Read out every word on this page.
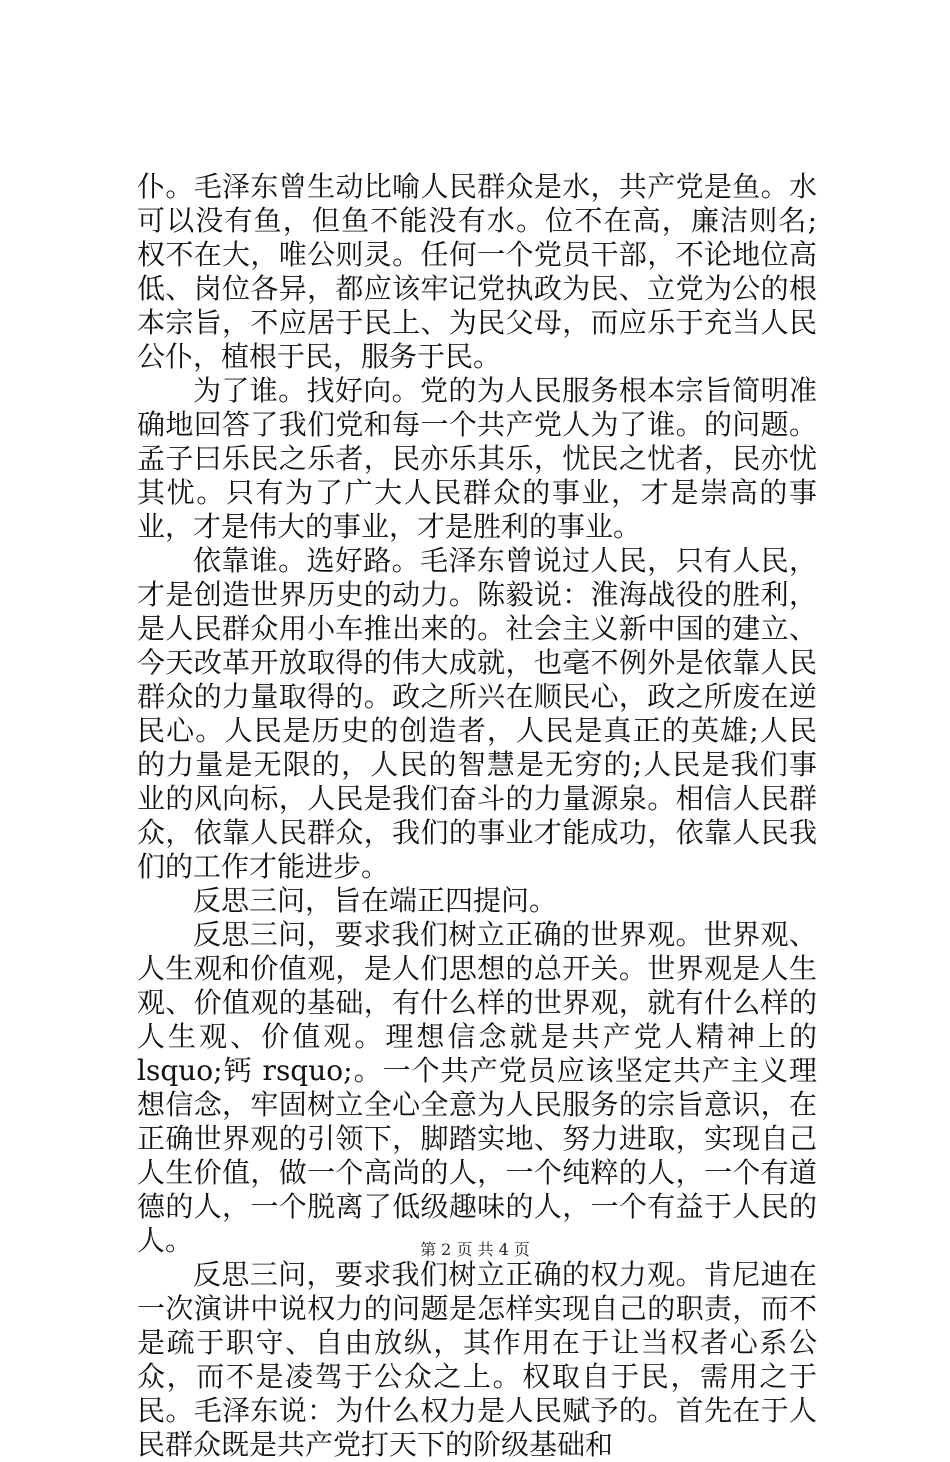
仆。毛泽东曾生动比喻人民群众是水，共产党是鱼。水可以没有鱼，但鱼不能没有水。位不在高，廉洁则名;权不在大，唯公则灵。任何一个党员干部，不论地位高低、岗位各异，都应该牢记党执政为民、立党为公的根本宗旨，不应居于民上、为民父母，而应乐于充当人民公仆，植根于民，服务于民。

为了谁。找好向。党的为人民服务根本宗旨简明准确地回答了我们党和每一个共产党人为了谁。的问题。孟子曰乐民之乐者，民亦乐其乐，忧民之忧者，民亦忧其忧。只有为了广大人民群众的事业，才是崇高的事业，才是伟大的事业，才是胜利的事业。

依靠谁。选好路。毛泽东曾说过人民，只有人民，才是创造世界历史的动力。陈毅说：淮海战役的胜利，是人民群众用小车推出来的。社会主义新中国的建立、今天改革开放取得的伟大成就，也毫不例外是依靠人民群众的力量取得的。政之所兴在顺民心，政之所废在逆民心。人民是历史的创造者，人民是真正的英雄;人民的力量是无限的，人民的智慧是无穷的;人民是我们事业的风向标，人民是我们奋斗的力量源泉。相信人民群众，依靠人民群众，我们的事业才能成功，依靠人民我们的工作才能进步。

反思三问，旨在端正四提问。

反思三问，要求我们树立正确的世界观。世界观、人生观和价值观，是人们思想的总开关。世界观是人生观、价值观的基础，有什么样的世界观，就有什么样的人生观、价值观。理想信念就是共产党人精神上的 lsquo;钙 rsquo;。一个共产党员应该坚定共产主义理想信念，牢固树立全心全意为人民服务的宗旨意识，在正确世界观的引领下，脚踏实地、努力进取，实现自己人生价值，做一个高尚的人，一个纯粹的人，一个有道德的人，一个脱离了低级趣味的人，一个有益于人民的人。

反思三问，要求我们树立正确的权力观。肯尼迪在一次演讲中说权力的问题是怎样实现自己的职责，而不是疏于职守、自由放纵，其作用在于让当权者心系公众，而不是凌驾于公众之上。权取自于民，需用之于民。毛泽东说：为什么权力是人民赋予的。首先在于人民群众既是共产党打天下的阶级基础和

第 2 页 共 4 页
